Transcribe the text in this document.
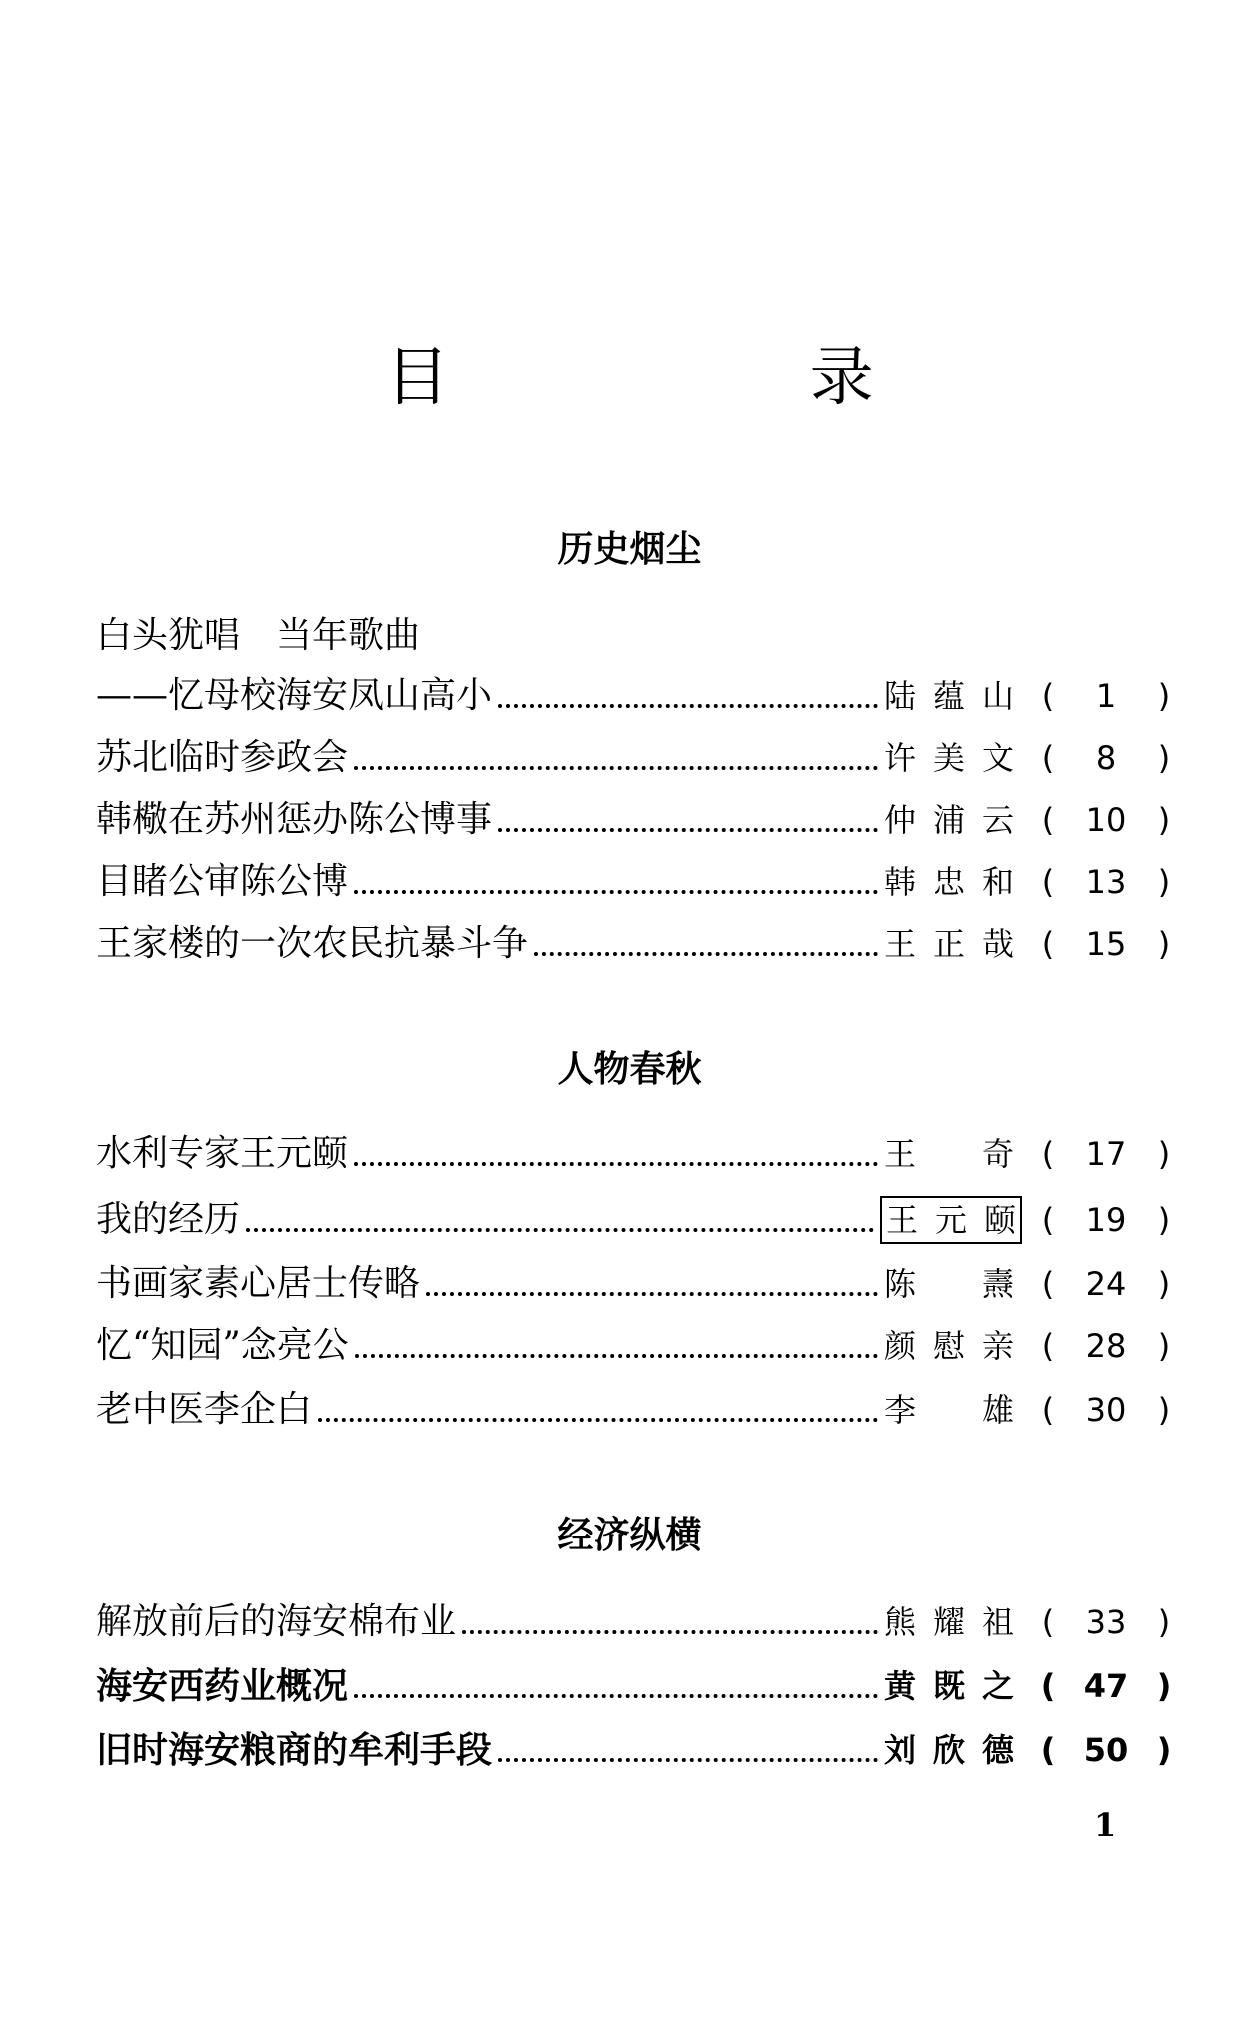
目 录
历史烟尘
白头犹唱　当年歌曲
——忆母校海安凤山高小	陆 蕴 山 (	1	)
苏北临时参政会	许 美 文 (	8	)
韩㯳在苏州惩办陈公博事	仲 浦 云 ( 10 )
目睹公审陈公博	韩 忠 和 ( 13 )
王家楼的一次农民抗暴斗争	王 正 哉 ( 15 )
人物春秋
水利专家王元颐	王 奇 ( 17 )
我的经历	王 元 颐 ( 19 )
书画家素心居士传略	陈 燾 ( 24 )
忆“知园”念亮公	颜 慰 亲 ( 28 )
老中医李企白	李 雄 ( 30 )
经济纵横
解放前后的海安棉布业	熊 耀 祖 ( 33 )
海安西药业概况	黄 既 之 ( 47 )
旧时海安粮商的牟利手段	刘 欣 德 ( 50 )
1
